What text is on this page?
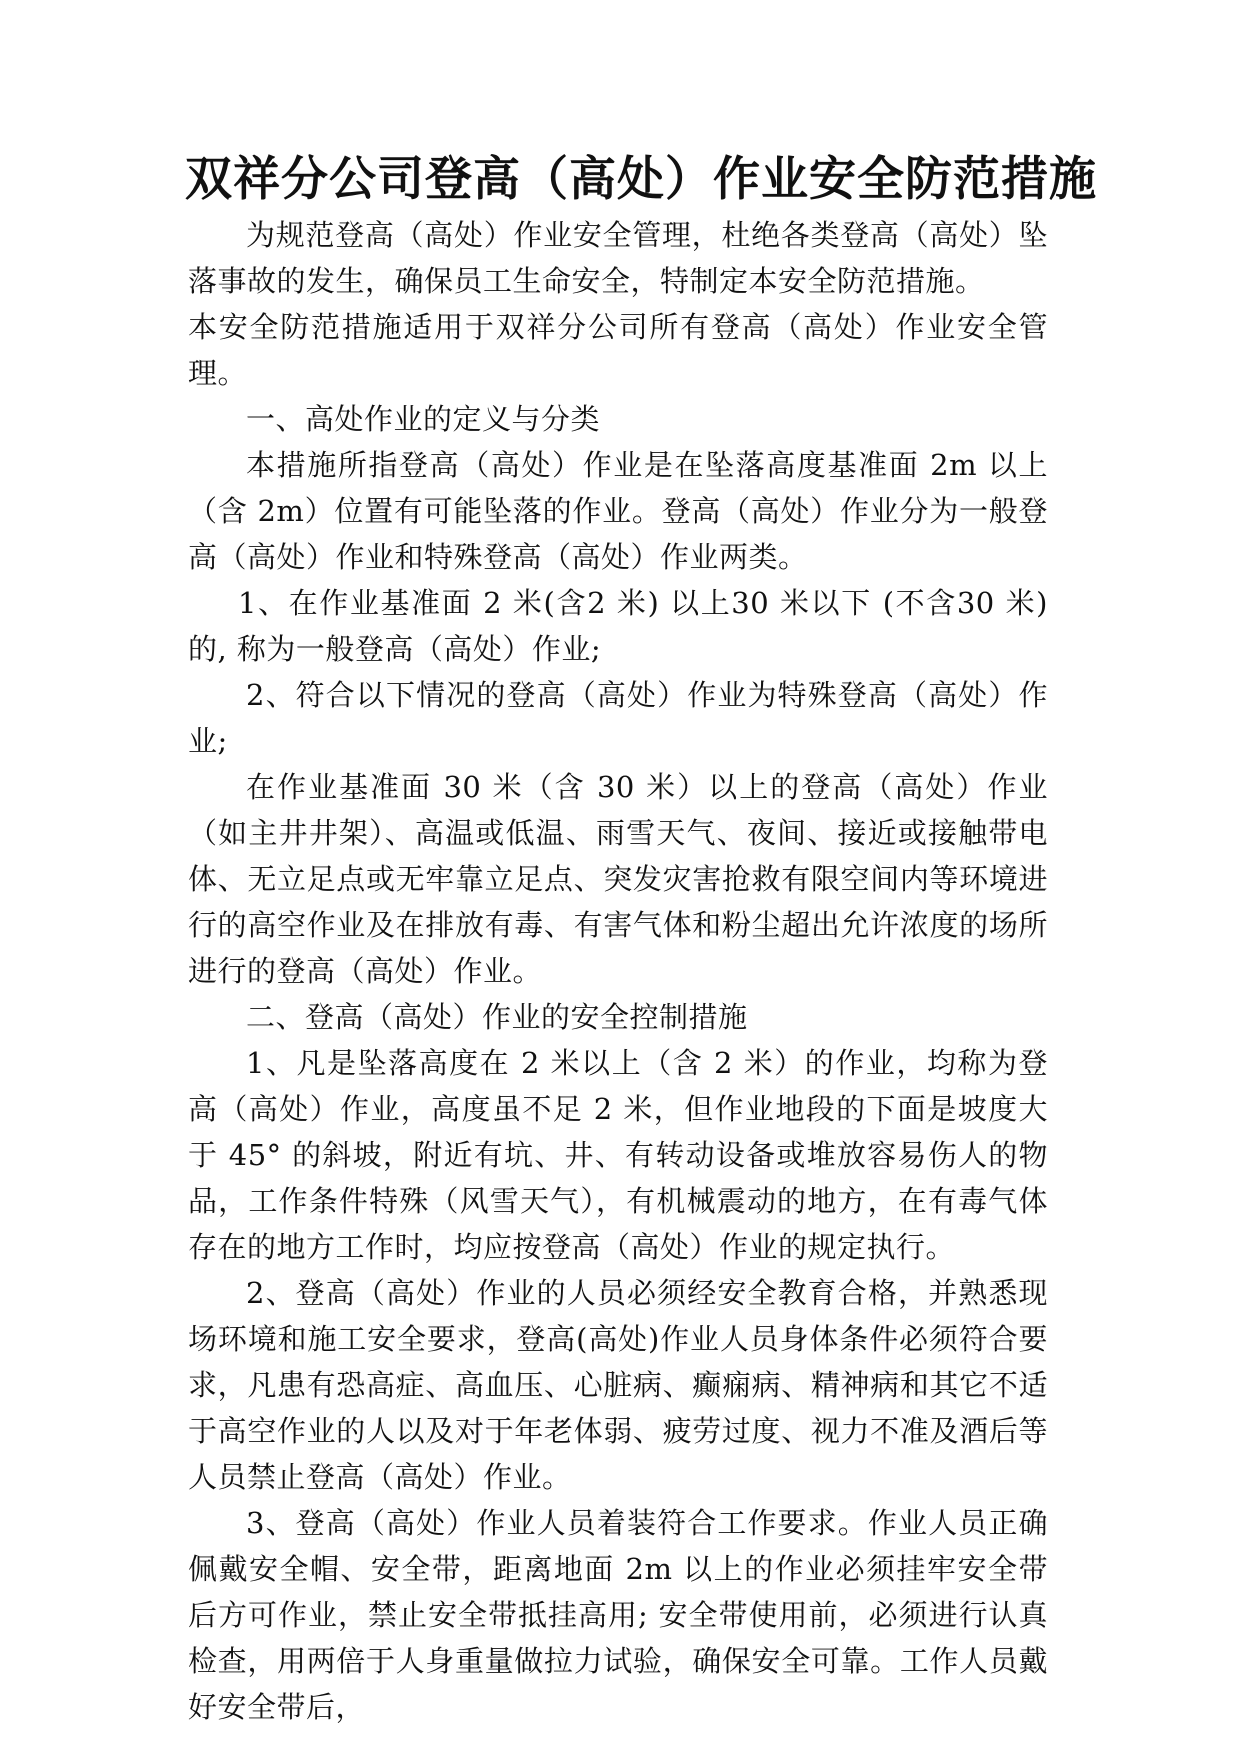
双祥分公司登高（高处）作业安全防范措施

为规范登高（高处）作业安全管理，杜绝各类登高（高处）坠落事故的发生，确保员工生命安全，特制定本安全防范措施。

本安全防范措施适用于双祥分公司所有登高（高处）作业安全管理。

一、高处作业的定义与分类

本措施所指登高（高处）作业是在坠落高度基准面 2m 以上（含 2m）位置有可能坠落的作业。登高（高处）作业分为一般登高（高处）作业和特殊登高（高处）作业两类。

1、在作业基准面 2 米(含2 米) 以上30 米以下 (不含30 米)的, 称为一般登高（高处）作业;

2、符合以下情况的登高（高处）作业为特殊登高（高处）作业;

在作业基准面 30 米（含 30 米）以上的登高（高处）作业（如主井井架）、高温或低温、雨雪天气、夜间、接近或接触带电体、无立足点或无牢靠立足点、突发灾害抢救有限空间内等环境进行的高空作业及在排放有毒、有害气体和粉尘超出允许浓度的场所进行的登高（高处）作业。

二、登高（高处）作业的安全控制措施

1、凡是坠落高度在 2 米以上（含 2 米）的作业，均称为登高（高处）作业，高度虽不足 2 米，但作业地段的下面是坡度大于 45° 的斜坡，附近有坑、井、有转动设备或堆放容易伤人的物品，工作条件特殊（风雪天气），有机械震动的地方，在有毒气体存在的地方工作时，均应按登高（高处）作业的规定执行。

2、登高（高处）作业的人员必须经安全教育合格，并熟悉现场环境和施工安全要求，登高(高处)作业人员身体条件必须符合要求，凡患有恐高症、高血压、心脏病、癫痫病、精神病和其它不适于高空作业的人以及对于年老体弱、疲劳过度、视力不准及酒后等人员禁止登高（高处）作业。

3、登高（高处）作业人员着装符合工作要求。作业人员正确佩戴安全帽、安全带，距离地面 2m 以上的作业必须挂牢安全带后方可作业，禁止安全带抵挂高用; 安全带使用前，必须进行认真检查，用两倍于人身重量做拉力试验，确保安全可靠。工作人员戴好安全带后，
